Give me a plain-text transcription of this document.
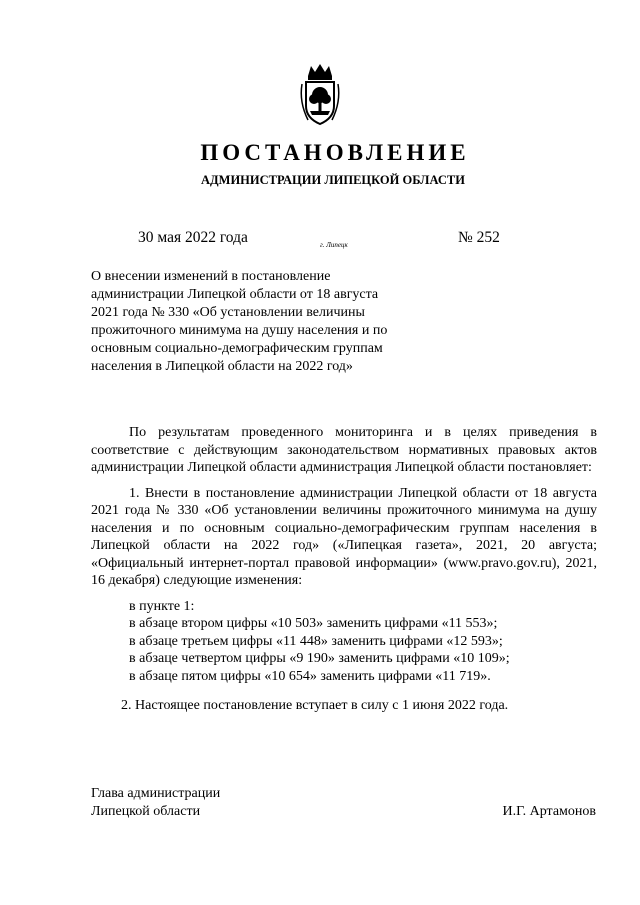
ПОСТАНОВЛЕНИЕ
АДМИНИСТРАЦИИ ЛИПЕЦКОЙ ОБЛАСТИ
30 мая 2022 года	г. Липецк	№ 252
О внесении изменений в постановление
администрации Липецкой области от 18 августа
2021 года № 330 «Об установлении величины
прожиточного минимума на душу населения и по
основным социально-демографическим группам
населения в Липецкой области на 2022 год»

По результатам проведенного мониторинга и в целях приведения в соответствие с действующим законодательством нормативных правовых актов администрации Липецкой области администрация Липецкой области постановляет:

1. Внести в постановление администрации Липецкой области от 18 августа 2021 года № 330 «Об установлении величины прожиточного минимума на душу населения и по основным социально-демографическим группам населения в Липецкой области на 2022 год» («Липецкая газета», 2021, 20 августа; «Официальный интернет-портал правовой информации» (www.pravo.gov.ru), 2021, 16 декабря) следующие изменения:

в пункте 1:
в абзаце втором цифры «10 503» заменить цифрами «11 553»;
в абзаце третьем цифры «11 448» заменить цифрами «12 593»;
в абзаце четвертом цифры «9 190» заменить цифрами «10 109»;
в абзаце пятом цифры «10 654» заменить цифрами «11 719».

2. Настоящее постановление вступает в силу с 1 июня 2022 года.

Глава администрации
Липецкой области	И.Г. Артамонов
